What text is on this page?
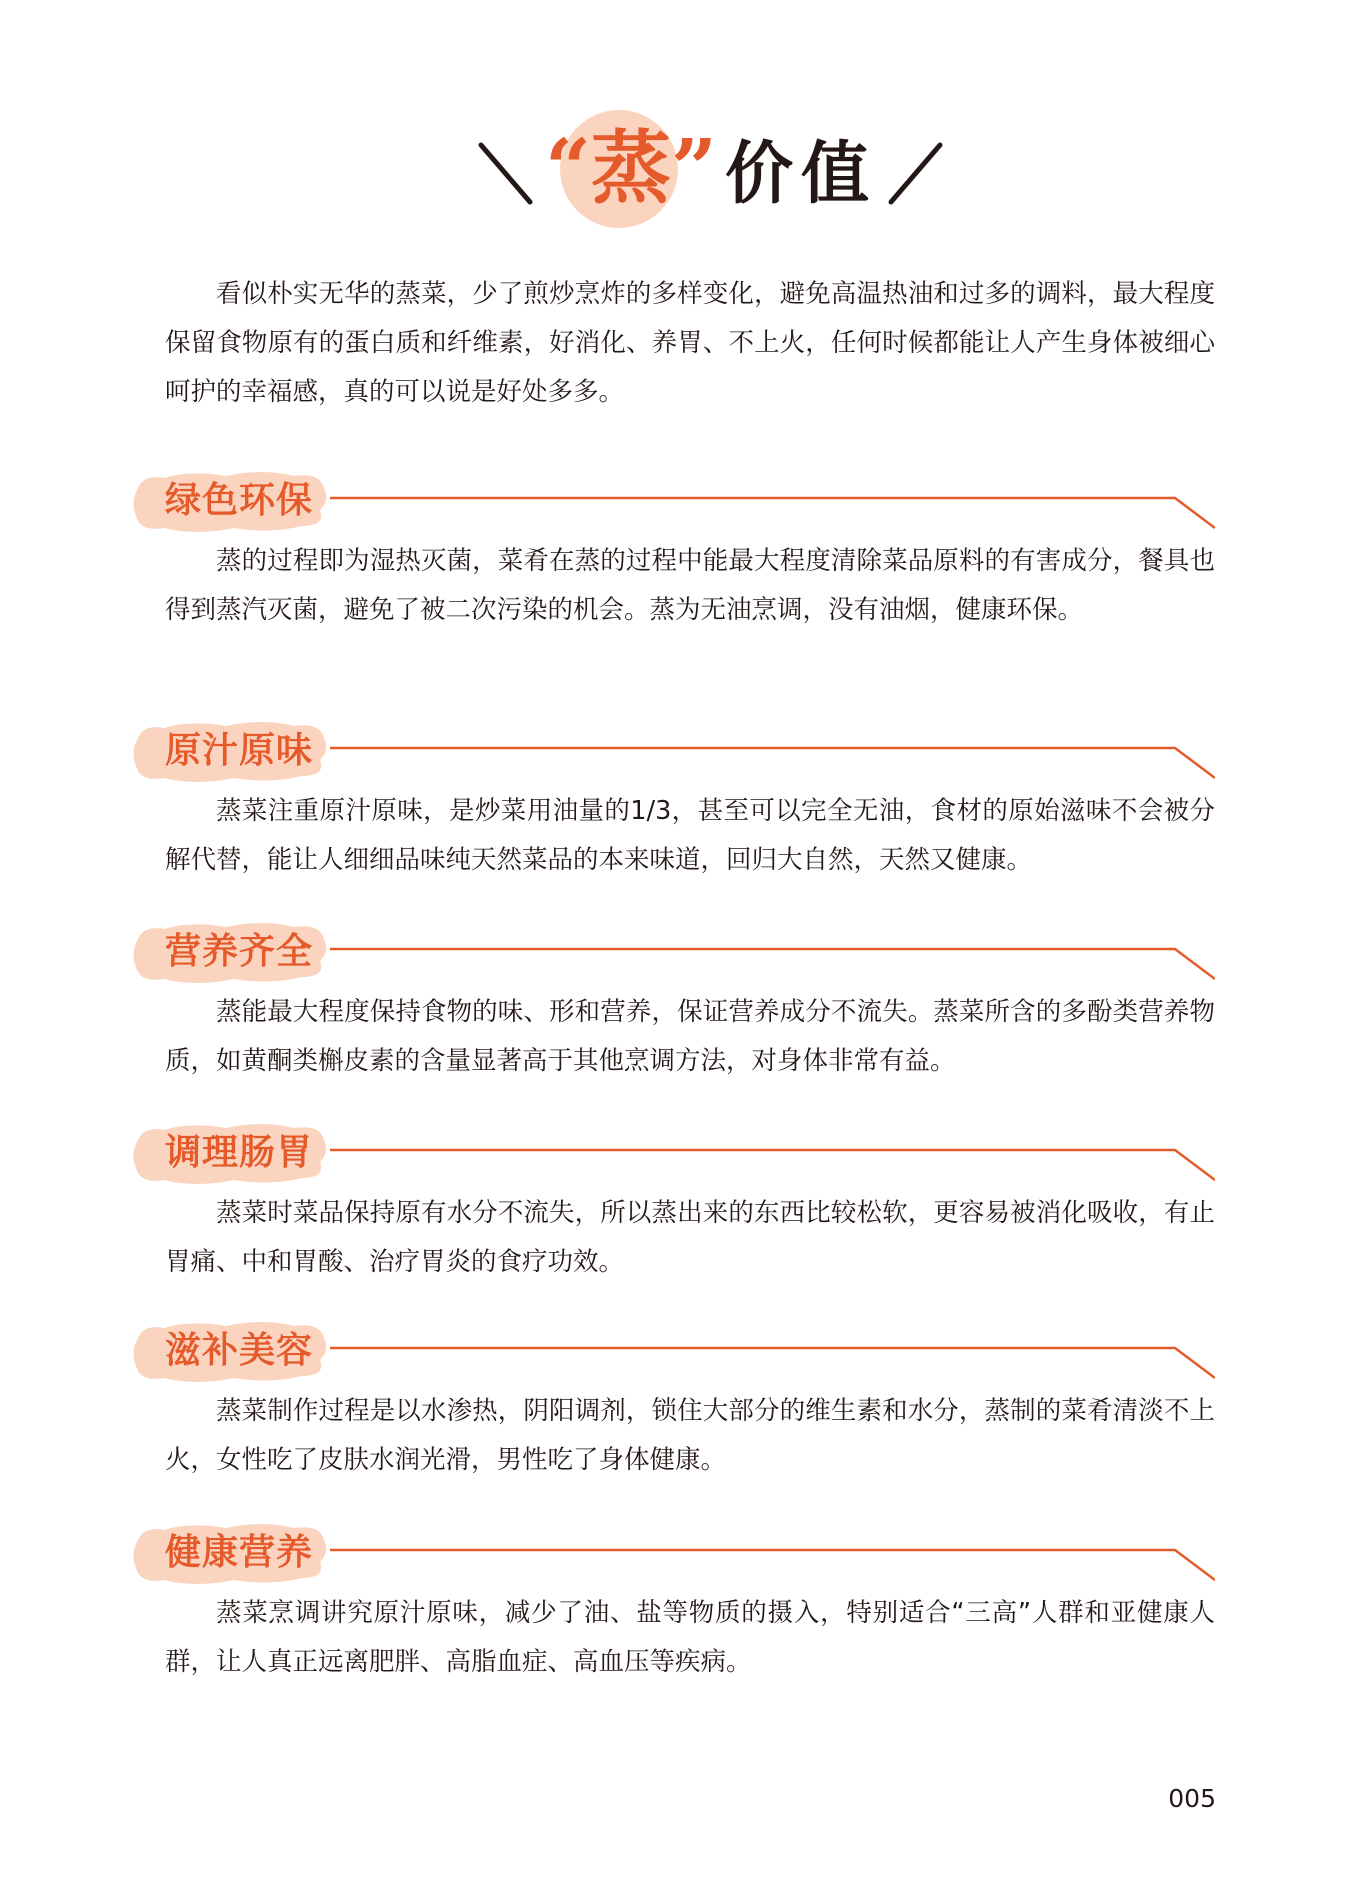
“蒸” 价值

看似朴实无华的蒸菜，少了煎炒烹炸的多样变化，避免高温热油和过多的调料，最大程度保留食物原有的蛋白质和纤维素，好消化、养胃、不上火，任何时候都能让人产生身体被细心呵护的幸福感，真的可以说是好处多多。

绿色环保

蒸的过程即为湿热灭菌，菜肴在蒸的过程中能最大程度清除菜品原料的有害成分，餐具也得到蒸汽灭菌，避免了被二次污染的机会。蒸为无油烹调，没有油烟，健康环保。

原汁原味

蒸菜注重原汁原味，是炒菜用油量的1/3，甚至可以完全无油，食材的原始滋味不会被分解代替，能让人细细品味纯天然菜品的本来味道，回归大自然，天然又健康。

营养齐全

蒸能最大程度保持食物的味、形和营养，保证营养成分不流失。蒸菜所含的多酚类营养物质，如黄酮类槲皮素的含量显著高于其他烹调方法，对身体非常有益。

调理肠胃

蒸菜时菜品保持原有水分不流失，所以蒸出来的东西比较松软，更容易被消化吸收，有止胃痛、中和胃酸、治疗胃炎的食疗功效。

滋补美容

蒸菜制作过程是以水渗热，阴阳调剂，锁住大部分的维生素和水分，蒸制的菜肴清淡不上火，女性吃了皮肤水润光滑，男性吃了身体健康。

健康营养

蒸菜烹调讲究原汁原味，减少了油、盐等物质的摄入，特别适合“三高”人群和亚健康人群，让人真正远离肥胖、高脂血症、高血压等疾病。

005
